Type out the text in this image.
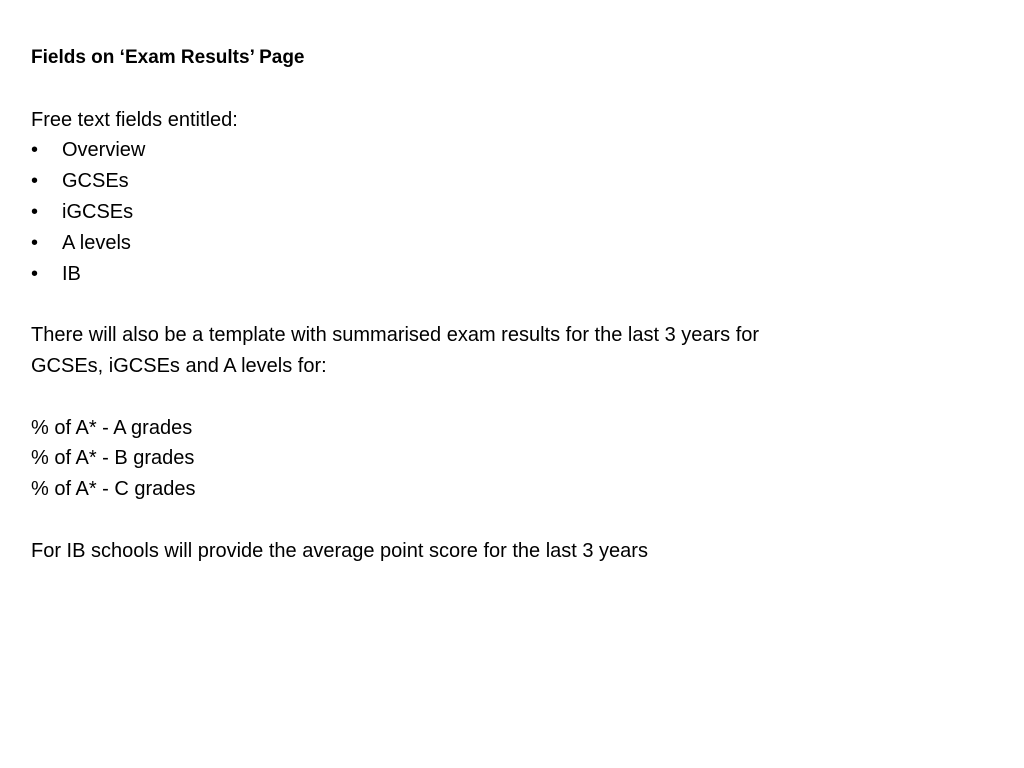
Fields on ‘Exam Results’ Page

Free text fields entitled:

•	Overview
•	GCSEs
•	iGCSEs
•	A levels
•	IB

There will also be a template with summarised exam results for the last 3 years for

GCSEs, iGCSEs and A levels for:

% of A* - A grades

% of A* - B grades

% of A* - C grades

For IB schools will provide the average point score for the last 3 years
